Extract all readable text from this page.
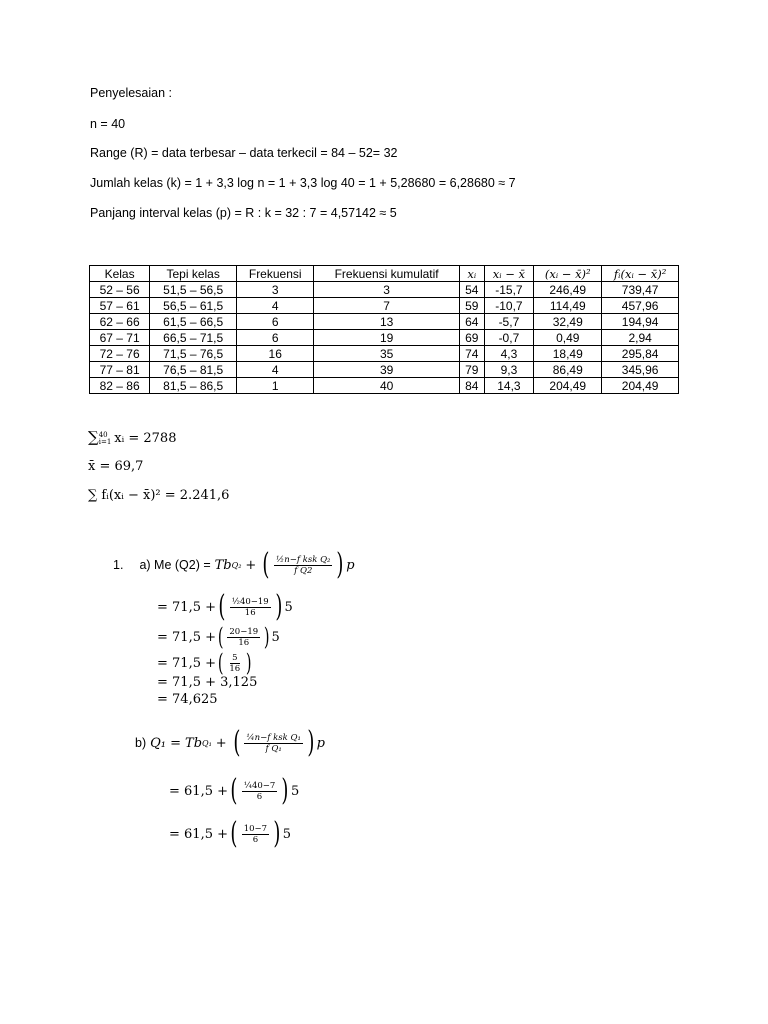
Penyelesaian :
n = 40
Range (R) = data terbesar – data terkecil = 84 – 52= 32
Jumlah kelas (k) = 1 + 3,3 log n = 1 + 3,3 log 40 = 1 + 5,28680 = 6,28680 ≈ 7
Panjang interval kelas (p) = R : k = 32 : 7 = 4,57142 ≈ 5
Kelas	Tepi kelas	Frekuensi	Frekuensi kumulatif	xᵢ	xᵢ − x̄	(xᵢ − x̄)²	fᵢ(xᵢ − x̄)²
52 – 56	51,5 – 56,5	3	3	54	-15,7	246,49	739,47
57 – 61	56,5 – 61,5	4	7	59	-10,7	114,49	457,96
62 – 66	61,5 – 66,5	6	13	64	-5,7	32,49	194,94
67 – 71	66,5 – 71,5	6	19	69	-0,7	0,49	2,94
72 – 76	71,5 – 76,5	16	35	74	4,3	18,49	295,84
77 – 81	76,5 – 81,5	4	39	79	9,3	86,49	345,96
82 – 86	81,5 – 86,5	1	40	84	14,3	204,49	204,49
∑ 40
i=1 xᵢ = 2788
x̄ = 69,7
∑ fᵢ(xᵢ − x̄)² = 2.241,6
1. a) Me (Q 2 ) = Tb Q₂ + ( $\frac{\text{½n−f ksk Q₂}}{\text{f Q2}}$ ) p
= 71,5 + ( $\frac{\text{½40−19}}{16}$ ) 5
= 71,5 + ( $\frac{20-19}{16}$ ) 5
= 71,5 + ( $\frac{5}{16}$ )
= 71,5 + 3,125
= 74,625
b) Q₁ = Tb Q₁ + ( $\frac{\text{¼n−f ksk Q₁}}{\text{f Q₁}}$ ) p
= 61,5 + ( $\frac{\text{¼40−7}}{6}$ ) 5
= 61,5 + ( $\frac{10-7}{6}$ ) 5
